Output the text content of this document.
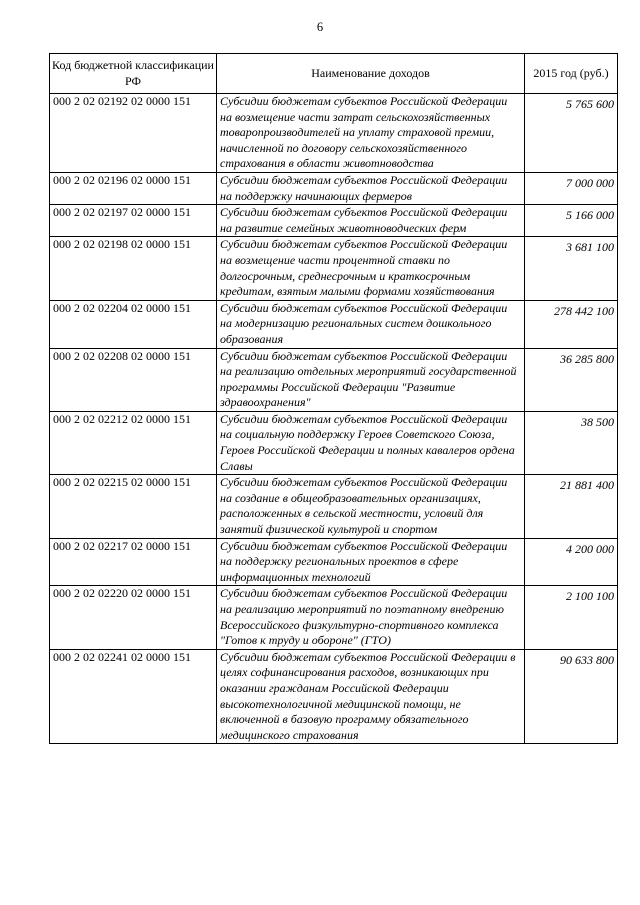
6
Код бюджетной классификации РФ	Наименование доходов	2015 год (руб.)
000 2 02 02192 02 0000 151	Субсидии бюджетам субъектов Российской Федерации на возмещение части затрат сельскохозяйственных товаропроизводителей на уплату страховой премии, начисленной по договору сельскохозяйственного страхования в области животноводства	5 765 600

000 2 02 02196 02 0000 151	Субсидии бюджетам субъектов Российской Федерации на поддержку начинающих фермеров	7 000 000

000 2 02 02197 02 0000 151	Субсидии бюджетам субъектов Российской Федерации на развитие семейных животноводческих ферм	5 166 000

000 2 02 02198 02 0000 151	Субсидии бюджетам субъектов Российской Федерации на возмещение части процентной ставки по долгосрочным, среднесрочным и краткосрочным кредитам, взятым малыми формами хозяйствования	3 681 100

000 2 02 02204 02 0000 151	Субсидии бюджетам субъектов Российской Федерации на модернизацию региональных систем дошкольного образования	278 442 100

000 2 02 02208 02 0000 151	Субсидии бюджетам субъектов Российской Федерации на реализацию отдельных мероприятий государственной программы Российской Федерации "Развитие здравоохранения"	36 285 800

000 2 02 02212 02 0000 151	Субсидии бюджетам субъектов Российской Федерации на социальную поддержку Героев Советского Союза, Героев Российской Федерации и полных кавалеров ордена Славы	38 500

000 2 02 02215 02 0000 151	Субсидии бюджетам субъектов Российской Федерации на создание в общеобразовательных организациях, расположенных в сельской местности, условий для занятий физической культурой и спортом	21 881 400

000 2 02 02217 02 0000 151	Субсидии бюджетам субъектов Российской Федерации на поддержку региональных проектов в сфере информационных технологий	4 200 000

000 2 02 02220 02 0000 151	Субсидии бюджетам субъектов Российской Федерации на реализацию мероприятий по поэтапному внедрению Всероссийского физкультурно-спортивного комплекса "Готов к труду и обороне" (ГТО)	2 100 100

000 2 02 02241 02 0000 151	Субсидии бюджетам субъектов Российской Федерации в целях софинансирования расходов, возникающих при оказании гражданам Российской Федерации высокотехнологичной медицинской помощи, не включенной в базовую программу обязательного медицинского страхования	90 633 800
